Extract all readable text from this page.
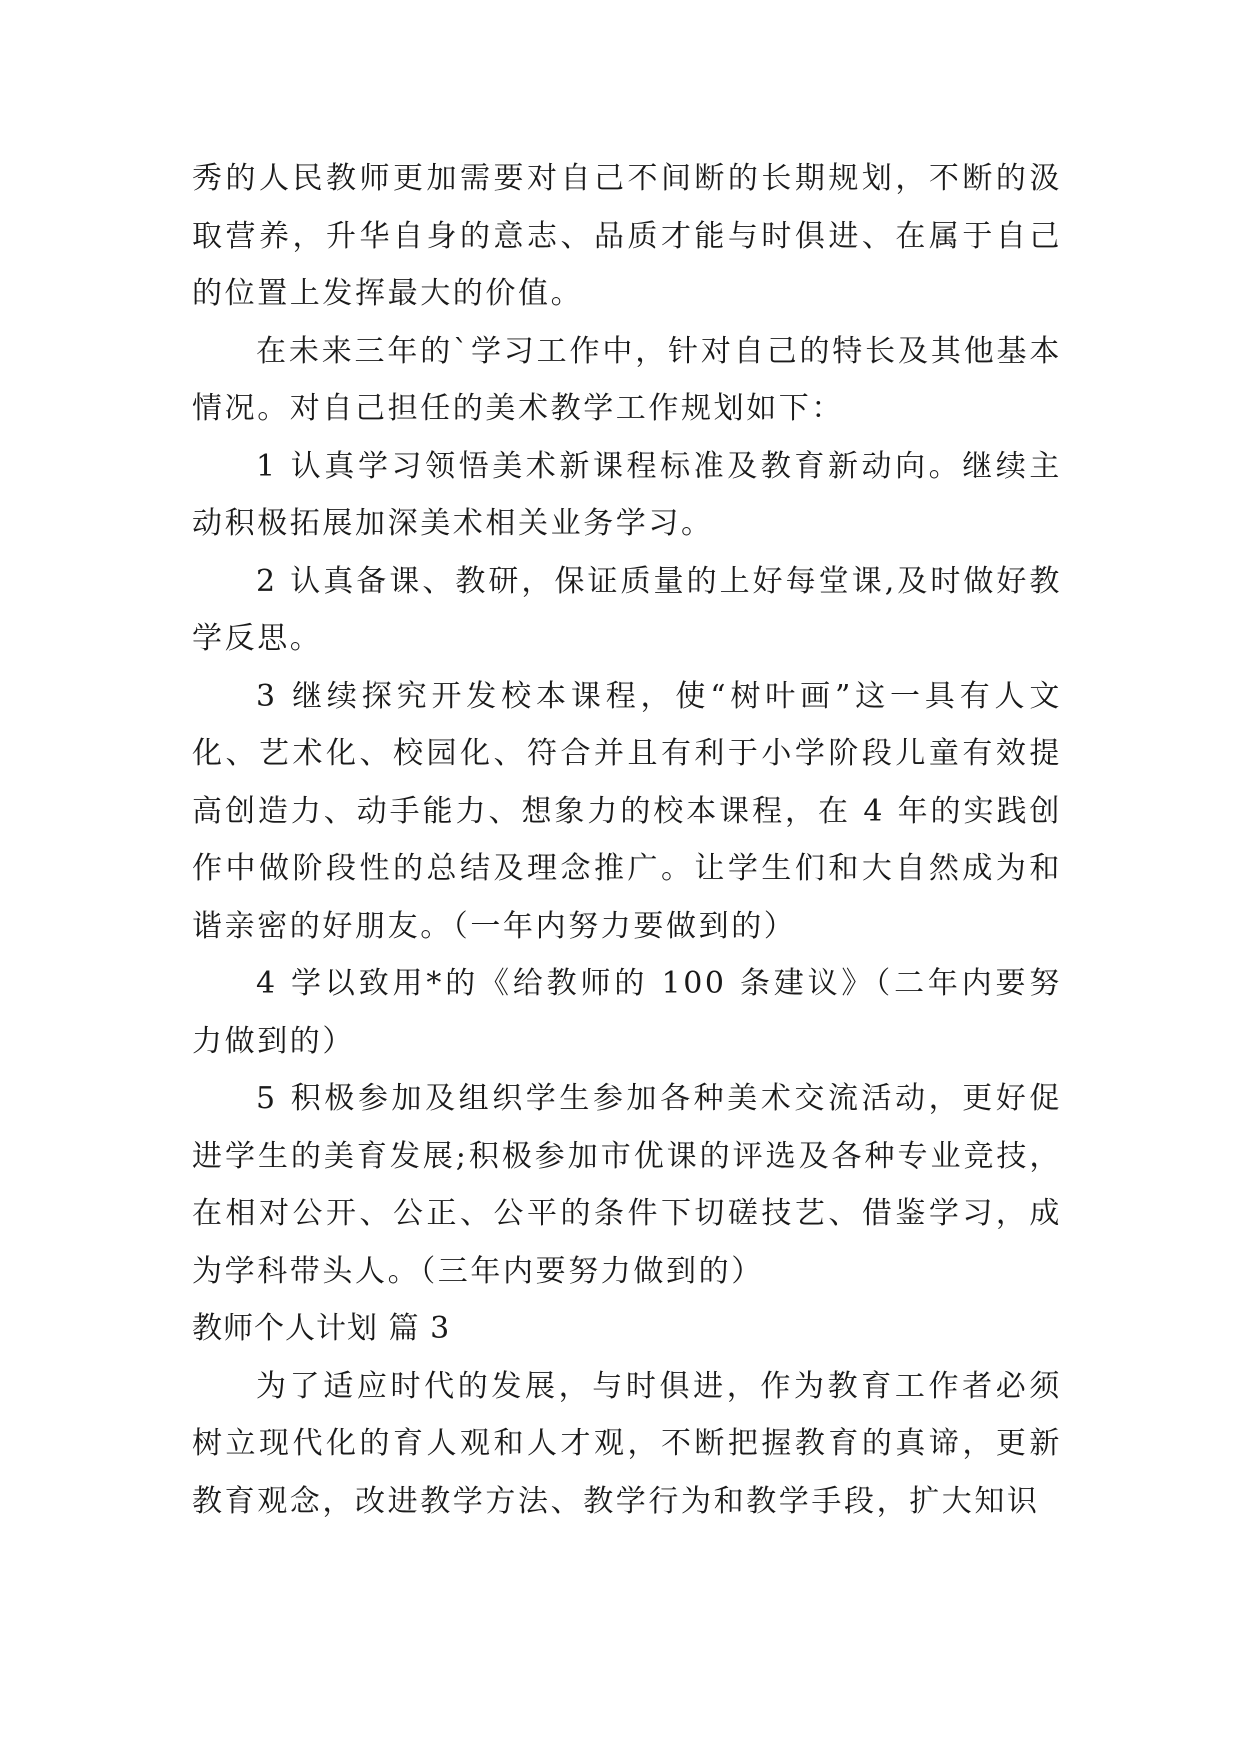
秀的人民教师更加需要对自己不间断的长期规划，不断的汲取营养，升华自身的意志、品质才能与时俱进、在属于自己的位置上发挥最大的价值。

在未来三年的`学习工作中，针对自己的特长及其他基本情况。对自己担任的美术教学工作规划如下：

1 认真学习领悟美术新课程标准及教育新动向。继续主动积极拓展加深美术相关业务学习。

2 认真备课、教研，保证质量的上好每堂课,及时做好教学反思。

3 继续探究开发校本课程，使“树叶画”这一具有人文化、艺术化、校园化、符合并且有利于小学阶段儿童有效提高创造力、动手能力、想象力的校本课程，在 4 年的实践创作中做阶段性的总结及理念推广。让学生们和大自然成为和谐亲密的好朋友。（一年内努力要做到的）

4 学以致用*的《给教师的 100 条建议》（二年内要努力做到的）

5 积极参加及组织学生参加各种美术交流活动，更好促进学生的美育发展;积极参加市优课的评选及各种专业竞技，在相对公开、公正、公平的条件下切磋技艺、借鉴学习，成为学科带头人。（三年内要努力做到的）

教师个人计划 篇 3

为了适应时代的发展，与时俱进，作为教育工作者必须树立现代化的育人观和人才观，不断把握教育的真谛，更新教育观念，改进教学方法、教学行为和教学手段，扩大知识
